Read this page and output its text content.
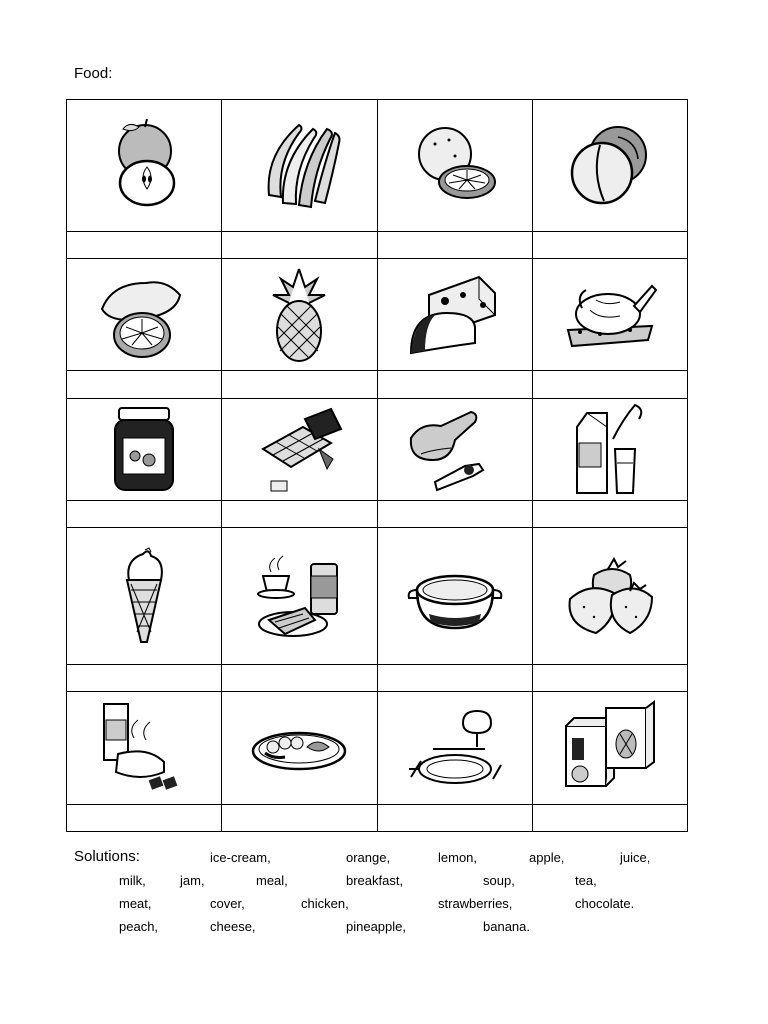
Food:

Solutions:	ice-cream,	orange,	lemon,	apple,	juice,
milk,	jam,	meal,	breakfast,	soup,	tea,
meat,	cover,	chicken,	strawberries,	chocolate.
peach,	cheese,	pineapple,	banana.
